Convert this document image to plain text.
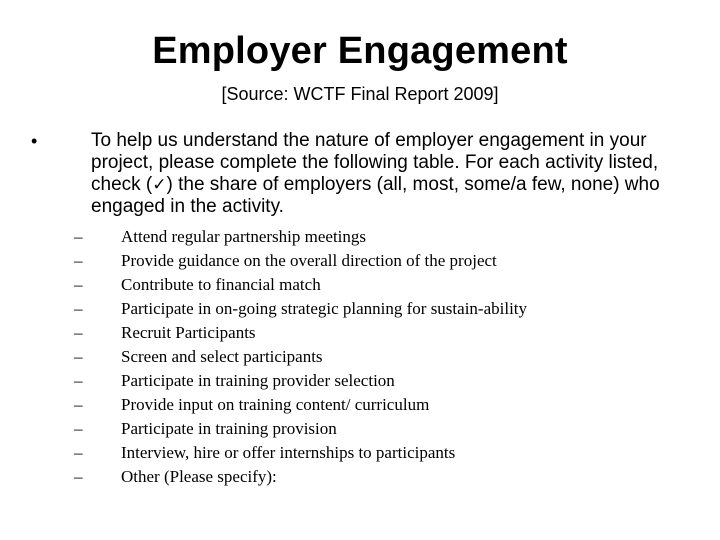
Employer Engagement
[Source: WCTF Final Report 2009]
•	To help us understand the nature of employer engagement in your project, please complete the following table. For each activity listed, check (✓) the share of employers (all, most, some/a few, none) who engaged in the activity.
– Attend regular partnership meetings
– Provide guidance on the overall direction of the project
– Contribute to financial match
– Participate in on-going strategic planning for sustain-ability
– Recruit Participants
– Screen and select participants
– Participate in training provider selection
– Provide input on training content/ curriculum
– Participate in training provision
– Interview, hire or offer internships to participants
– Other (Please specify):
